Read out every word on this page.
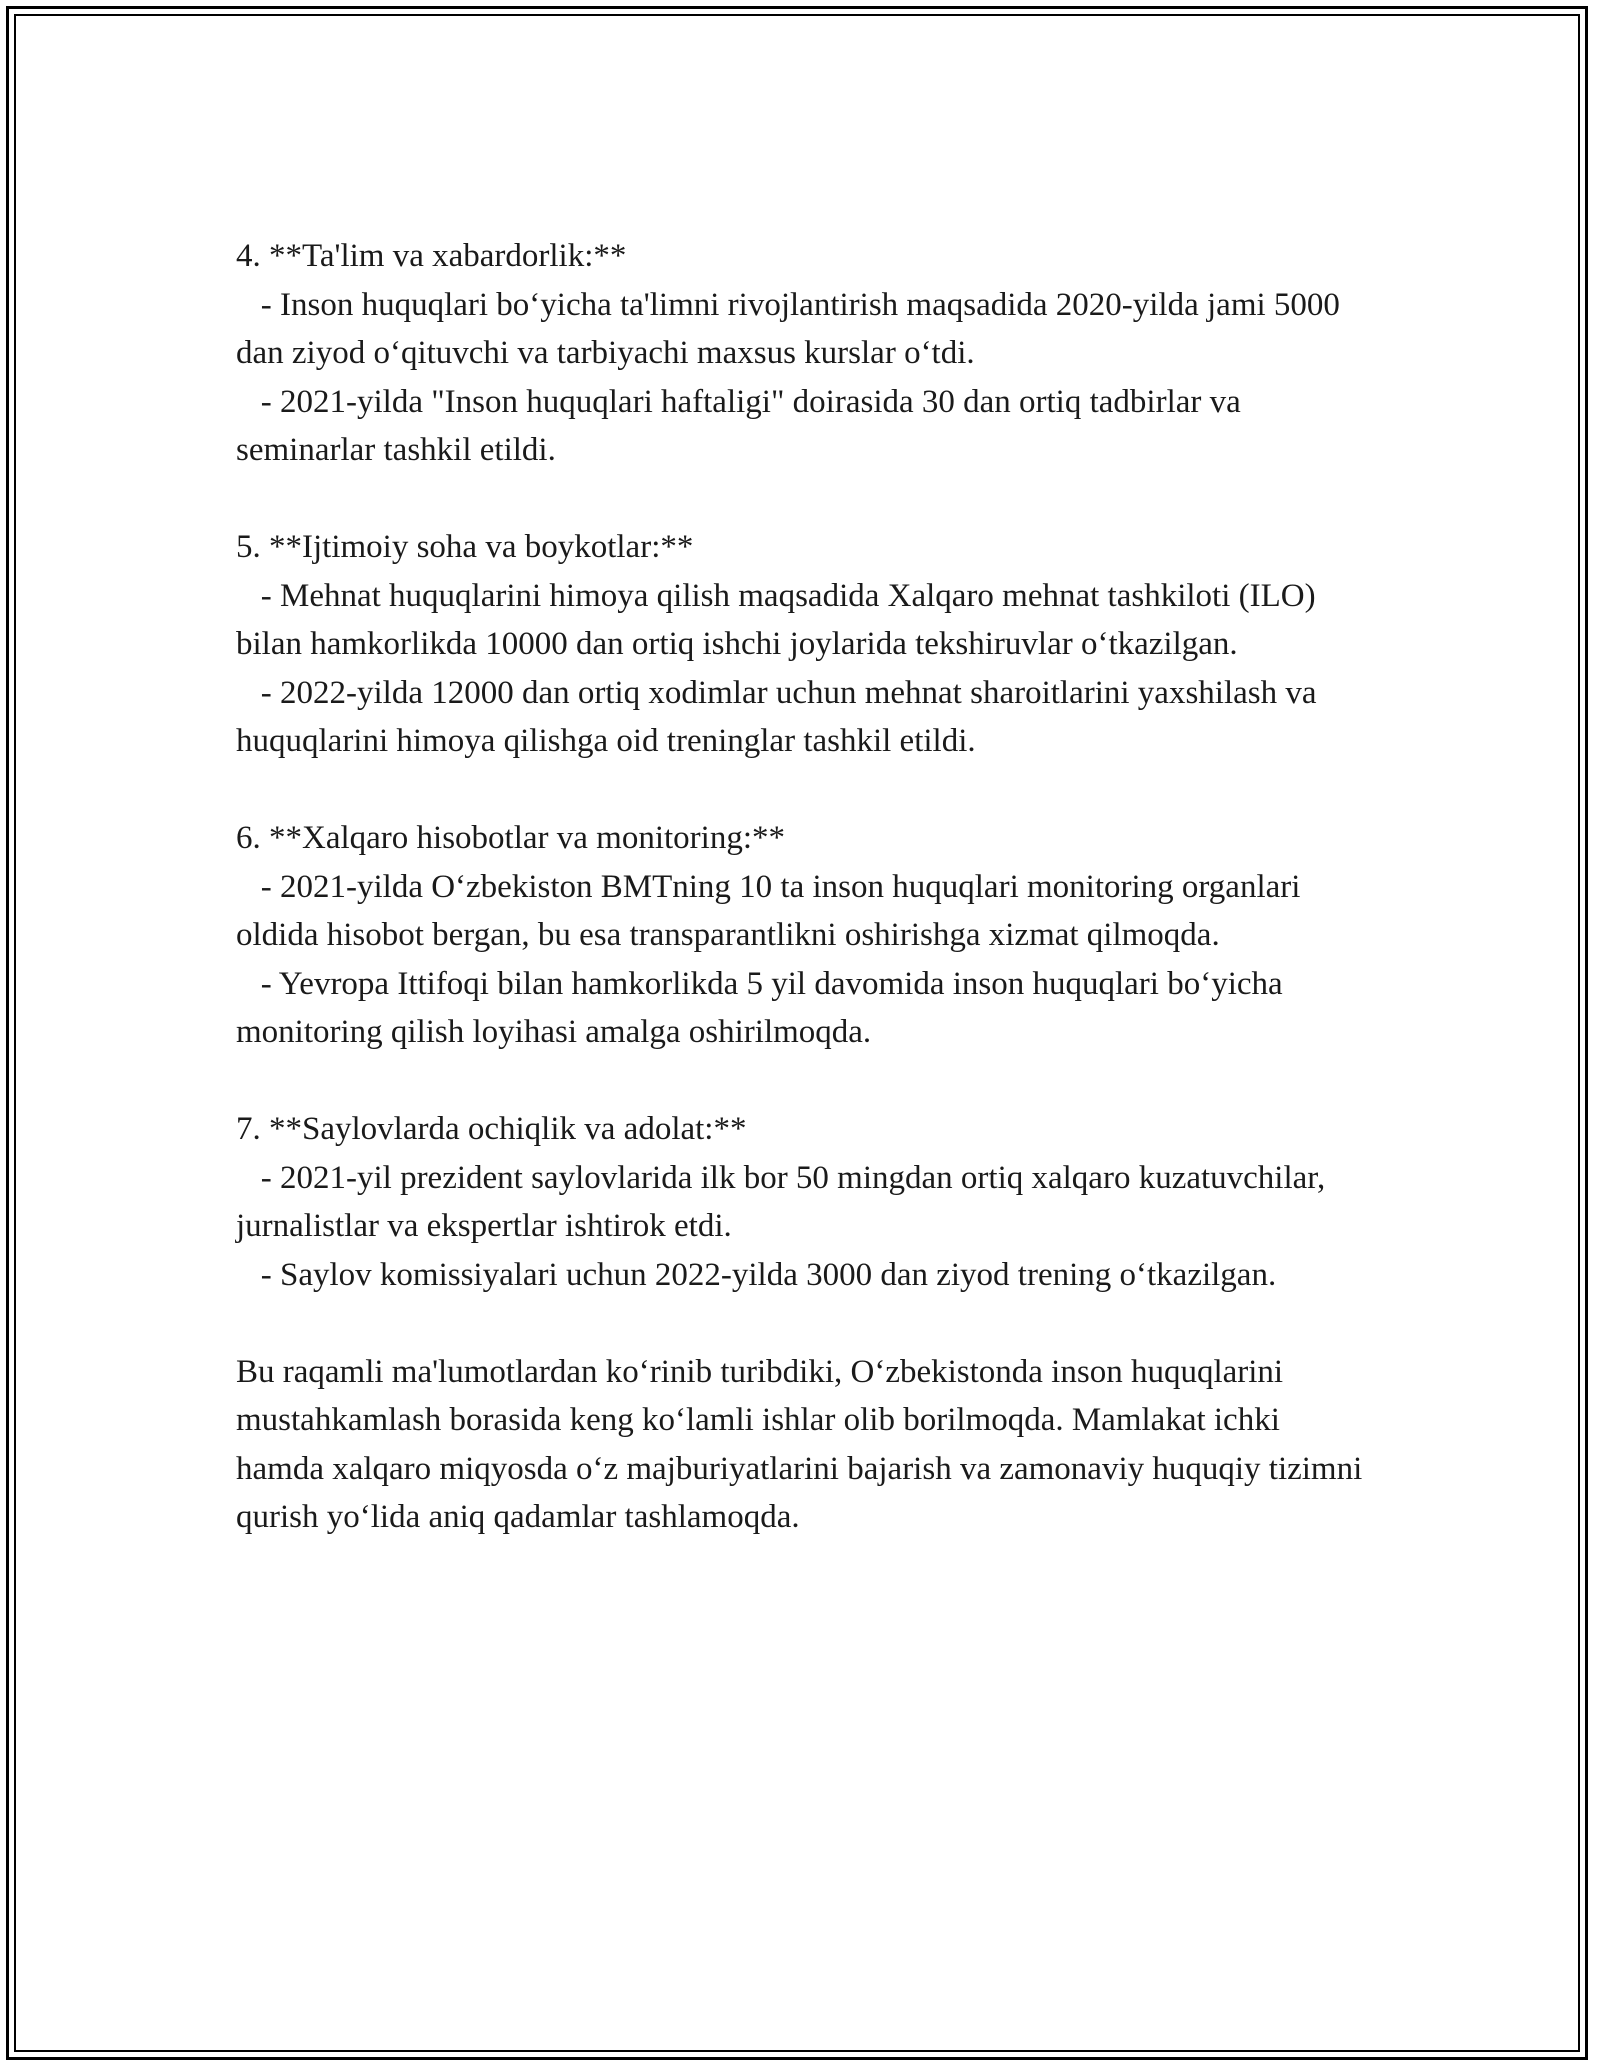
4. **Ta'lim va xabardorlik:**

- Inson huquqlari bo‘yicha ta'limni rivojlantirish maqsadida 2020-yilda jami 5000 dan ziyod o‘qituvchi va tarbiyachi maxsus kurslar o‘tdi.

- 2021-yilda "Inson huquqlari haftaligi" doirasida 30 dan ortiq tadbirlar va seminarlar tashkil etildi.

5. **Ijtimoiy soha va boykotlar:**

- Mehnat huquqlarini himoya qilish maqsadida Xalqaro mehnat tashkiloti (ILO) bilan hamkorlikda 10000 dan ortiq ishchi joylarida tekshiruvlar o‘tkazilgan.

- 2022-yilda 12000 dan ortiq xodimlar uchun mehnat sharoitlarini yaxshilash va huquqlarini himoya qilishga oid treninglar tashkil etildi.

6. **Xalqaro hisobotlar va monitoring:**

- 2021-yilda O‘zbekiston BMTning 10 ta inson huquqlari monitoring organlari oldida hisobot bergan, bu esa transparantlikni oshirishga xizmat qilmoqda.

- Yevropa Ittifoqi bilan hamkorlikda 5 yil davomida inson huquqlari bo‘yicha monitoring qilish loyihasi amalga oshirilmoqda.

7. **Saylovlarda ochiqlik va adolat:**

- 2021-yil prezident saylovlarida ilk bor 50 mingdan ortiq xalqaro kuzatuvchilar, jurnalistlar va ekspertlar ishtirok etdi.

- Saylov komissiyalari uchun 2022-yilda 3000 dan ziyod trening o‘tkazilgan.

Bu raqamli ma'lumotlardan ko‘rinib turibdiki, O‘zbekistonda inson huquqlarini mustahkamlash borasida keng ko‘lamli ishlar olib borilmoqda. Mamlakat ichki hamda xalqaro miqyosda o‘z majburiyatlarini bajarish va zamonaviy huquqiy tizimni qurish yo‘lida aniq qadamlar tashlamoqda.
